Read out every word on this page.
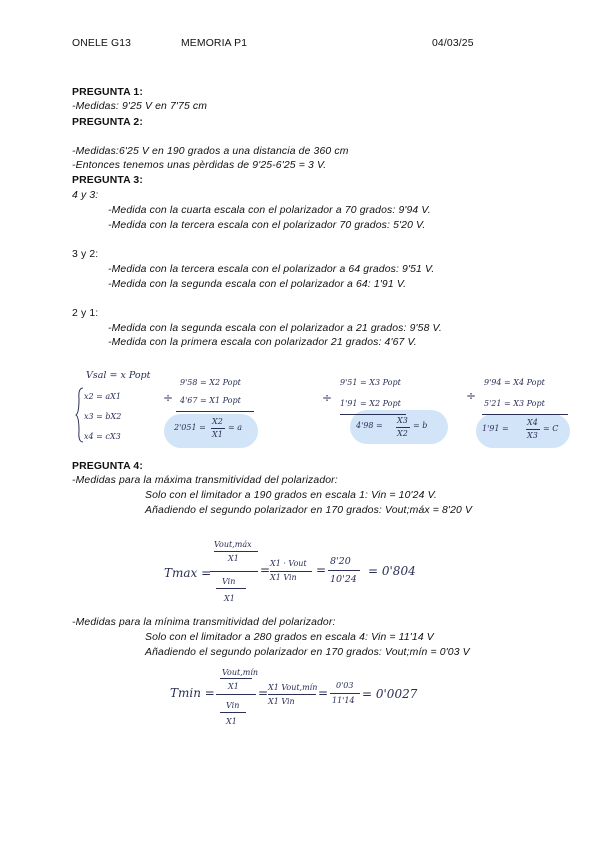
ONELE G13	MEMORIA P1	04/03/25
PREGUNTA 1:
-Medidas: 9'25 V en 7'75 cm
PREGUNTA 2:
-Medidas:6'25 V en 190 grados a una distancia de 360 cm
-Entonces tenemos unas pèrdidas de 9'25-6'25 = 3 V.
PREGUNTA 3:
4 y 3:
-Medida con la cuarta escala con el polarizador a 70 grados: 9'94 V.
-Medida con la tercera escala con el polarizador 70 grados: 5'20 V.
3 y 2:
-Medida con la tercera escala con el polarizador a 64 grados: 9'51 V.
-Medida con la segunda escala con el polarizador a 64: 1'91 V.
2 y 1:
-Medida con la segunda escala con el polarizador a 21 grados: 9'58 V.
-Medida con la primera escala con polarizador 21 grados: 4'67 V.
Vsal = x Popt
x2 = aX1
x3 = bX2
x4 = cX3
÷
9'58 = X2 Popt
4'67 = X1 Popt
2'051 =
X2
X1
= a
÷
9'51 = X3 Popt
1'91 = X2 Popt
4'98 =
X3
X2
= b
÷
9'94 = X4 Popt
5'21 = X3 Popt
1'91 =
X4
X3
= C
PREGUNTA 4:
-Medidas para la máxima transmitividad del polarizador:
Solo con el limitador a 190 grados en escala 1: Vin = 10'24 V.
Añadiendo el segundo polarizador en 170 grados: Vout;máx = 8'20 V
Tmax =
Vout,máx
X1
Vin
X1
= X1 · Vout
X1 Vin
=
8'20
10'24
= 0'804
-Medidas para la mínima transmitividad del polarizador:
Solo con el limitador a 280 grados en escala 4: Vin = 11'14 V
Añadiendo el segundo polarizador en 170 grados: Vout;mín = 0'03 V
Tmin =
Vout,mín
X1
Vin
X1
= X1 Vout,mín
X1 Vin
=
0'03
11'14 = 0'0027
